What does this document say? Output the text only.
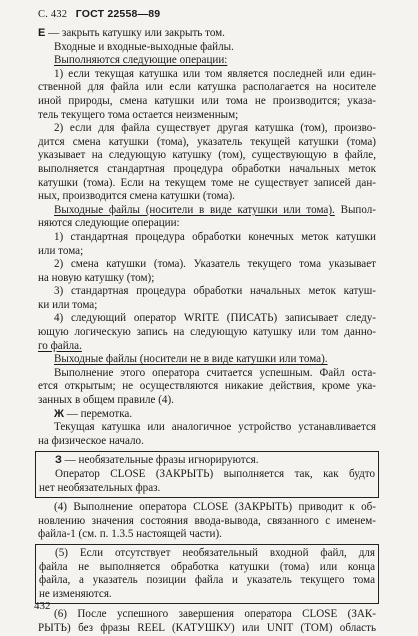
С. 432 ГОСТ 22558—89
Е — закрыть катушку или закрыть том.
Входные и входные-выходные файлы.
Выполняются следующие операции:
1) если текущая катушка или том является последней или един-
ственной для файла или если катушка располагается на носителе
иной природы, смена катушки или тома не производится; указа-
тель текущего тома остается неизменным;
2) если для файла существует другая катушка (том), произво-
дится смена катушки (тома), указатель текущей катушки (тома)
указывает на следующую катушку (том), существующую в файле,
выполняется стандартная процедура обработки начальных меток
катушки (тома). Если на текущем томе не существует записей дан-
ных, производится смена катушки (тома).
Выходные файлы (носители в виде катушки или тома). Выпол-
няются следующие операции:
1) стандартная процедура обработки конечных меток катушки
или тома;
2) смена катушки (тома). Указатель текущего тома указывает
на новую катушку (том);
3) стандартная процедура обработки начальных меток катуш-
ки или тома;
4) следующий оператор WRITE (ПИСАТЬ) записывает следу-
ющую логическую запись на следующую катушку или том данно-
го файла.
Выходные файлы (носители не в виде катушки или тома).
Выполнение этого оператора считается успешным. Файл оста-
ется открытым; не осуществляются никакие действия, кроме ука-
занных в общем правиле (4).
Ж — перемотка.
Текущая катушка или аналогичное устройство устанавливается
на физическое начало.
З — необязательные фразы игнорируются.
Оператор CLOSE (ЗАКРЫТЬ) выполняется так, как будто
нет необязательных фраз.
(4) Выполнение оператора CLOSE (ЗАКРЫТЬ) приводит к об-
новлению значения состояния ввода-вывода, связанного с именем-
файла-1 (см. п. 1.3.5 настоящей части).
(5) Если отсутствует необязательный входной файл, для
файла не выполняется обработка катушки (тома) или конца
файла, а указатель позиции файла и указатель текущего тома
не изменяются.
(6) После успешного завершения оператора CLOSE (ЗАК-
РЫТЬ) без фразы REEL (КАТУШКУ) или UNIT (ТОМ) область
432
